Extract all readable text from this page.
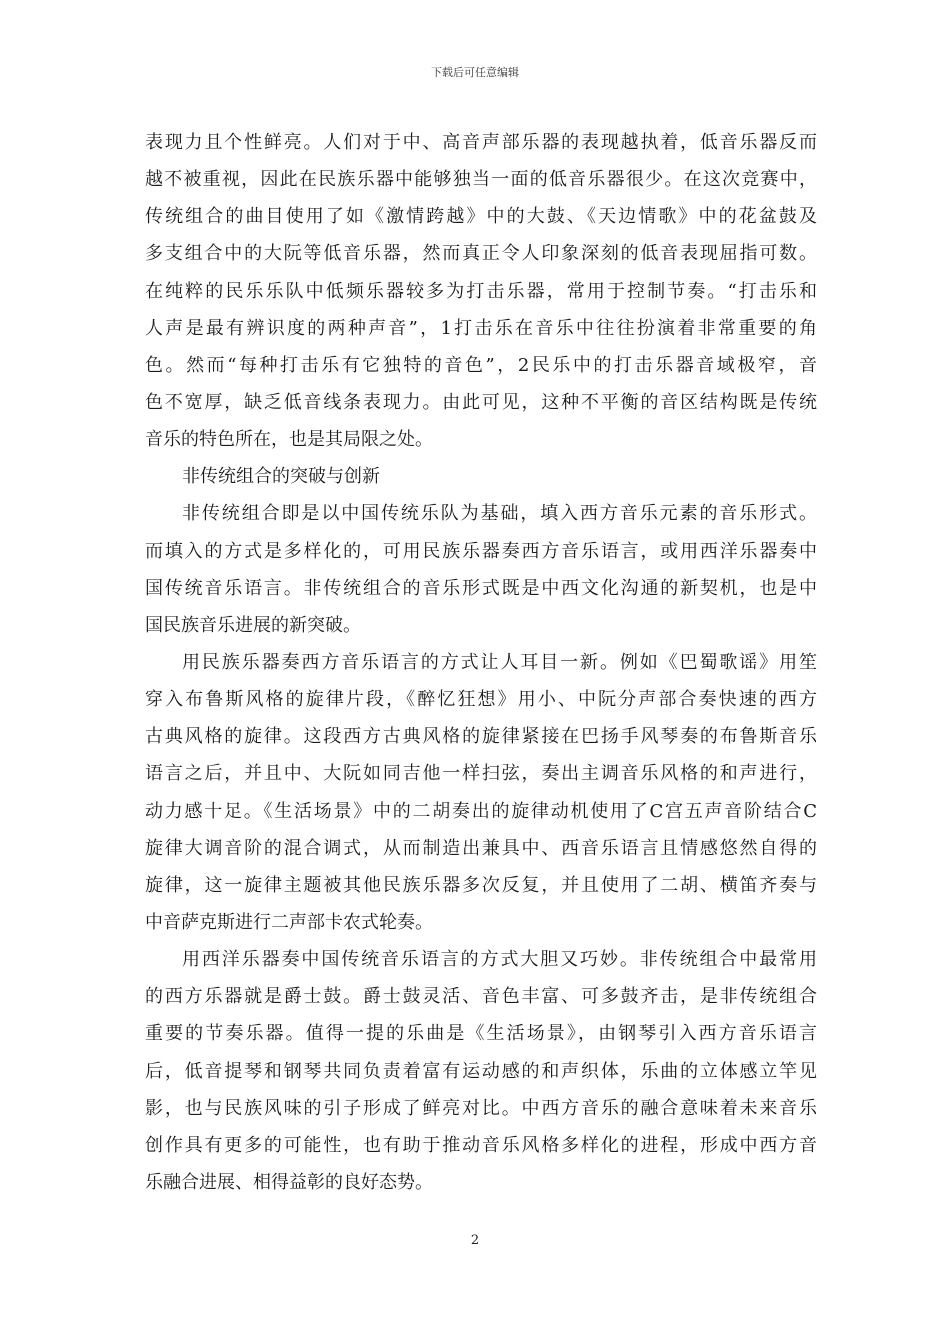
下载后可任意编辑
表现力且个性鲜亮。人们对于中、高音声部乐器的表现越执着，低音乐器反而
越不被重视，因此在民族乐器中能够独当一面的低音乐器很少。在这次竞赛中，
传统组合的曲目使用了如《激情跨越》中的大鼓、《天边情歌》中的花盆鼓及
多支组合中的大阮等低音乐器，然而真正令人印象深刻的低音表现屈指可数。
在纯粹的民乐乐队中低频乐器较多为打击乐器，常用于控制节奏。“打击乐和
人声是最有辨识度的两种声音”，1打击乐在音乐中往往扮演着非常重要的角
色。然而“每种打击乐有它独特的音色”，2民乐中的打击乐器音域极窄，音
色不宽厚，缺乏低音线条表现力。由此可见，这种不平衡的音区结构既是传统
音乐的特色所在，也是其局限之处。
非传统组合的突破与创新
非传统组合即是以中国传统乐队为基础，填入西方音乐元素的音乐形式。
而填入的方式是多样化的，可用民族乐器奏西方音乐语言，或用西洋乐器奏中
国传统音乐语言。非传统组合的音乐形式既是中西文化沟通的新契机，也是中
国民族音乐进展的新突破。
用民族乐器奏西方音乐语言的方式让人耳目一新。例如《巴蜀歌谣》用笙
穿入布鲁斯风格的旋律片段，《醉忆狂想》用小、中阮分声部合奏快速的西方
古典风格的旋律。这段西方古典风格的旋律紧接在巴扬手风琴奏的布鲁斯音乐
语言之后，并且中、大阮如同吉他一样扫弦，奏出主调音乐风格的和声进行，
动力感十足。《生活场景》中的二胡奏出的旋律动机使用了C宫五声音阶结合C
旋律大调音阶的混合调式，从而制造出兼具中、西音乐语言且情感悠然自得的
旋律，这一旋律主题被其他民族乐器多次反复，并且使用了二胡、横笛齐奏与
中音萨克斯进行二声部卡农式轮奏。
用西洋乐器奏中国传统音乐语言的方式大胆又巧妙。非传统组合中最常用
的西方乐器就是爵士鼓。爵士鼓灵活、音色丰富、可多鼓齐击，是非传统组合
重要的节奏乐器。值得一提的乐曲是《生活场景》，由钢琴引入西方音乐语言
后，低音提琴和钢琴共同负责着富有运动感的和声织体，乐曲的立体感立竿见
影，也与民族风味的引子形成了鲜亮对比。中西方音乐的融合意味着未来音乐
创作具有更多的可能性，也有助于推动音乐风格多样化的进程，形成中西方音
乐融合进展、相得益彰的良好态势。
2
